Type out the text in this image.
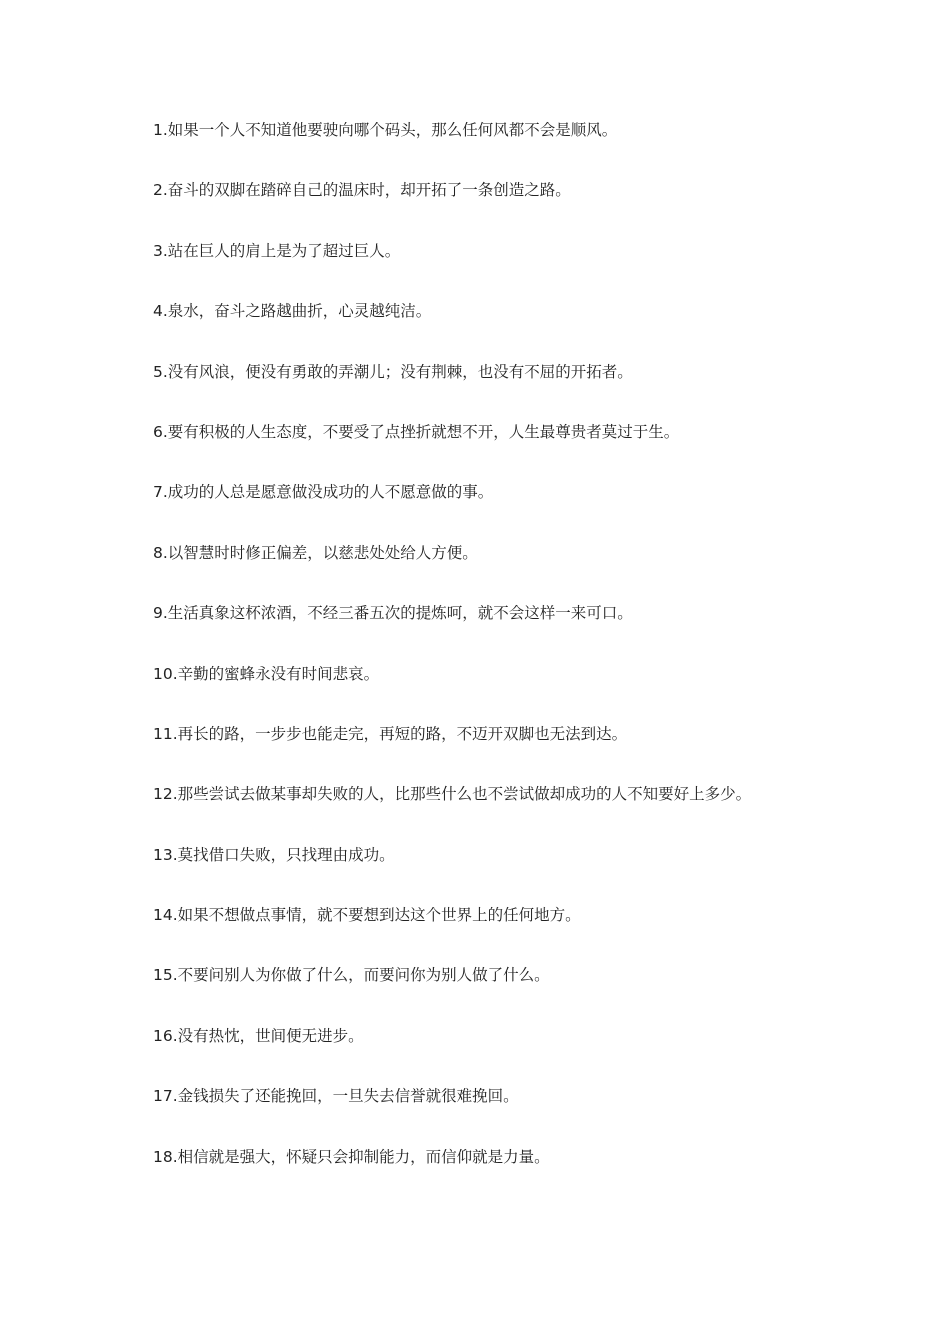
1.如果一个人不知道他要驶向哪个码头，那么任何风都不会是顺风。
2.奋斗的双脚在踏碎自己的温床时，却开拓了一条创造之路。
3.站在巨人的肩上是为了超过巨人。
4.泉水，奋斗之路越曲折，心灵越纯洁。
5.没有风浪，便没有勇敢的弄潮儿；没有荆棘，也没有不屈的开拓者。
6.要有积极的人生态度，不要受了点挫折就想不开，人生最尊贵者莫过于生。
7.成功的人总是愿意做没成功的人不愿意做的事。
8.以智慧时时修正偏差，以慈悲处处给人方便。
9.生活真象这杯浓酒，不经三番五次的提炼呵，就不会这样一来可口。
10.辛勤的蜜蜂永没有时间悲哀。
11.再长的路，一步步也能走完，再短的路，不迈开双脚也无法到达。
12.那些尝试去做某事却失败的人，比那些什么也不尝试做却成功的人不知要好上多少。
13.莫找借口失败，只找理由成功。
14.如果不想做点事情，就不要想到达这个世界上的任何地方。
15.不要问别人为你做了什么，而要问你为别人做了什么。
16.没有热忱，世间便无进步。
17.金钱损失了还能挽回，一旦失去信誉就很难挽回。
18.相信就是强大，怀疑只会抑制能力，而信仰就是力量。
